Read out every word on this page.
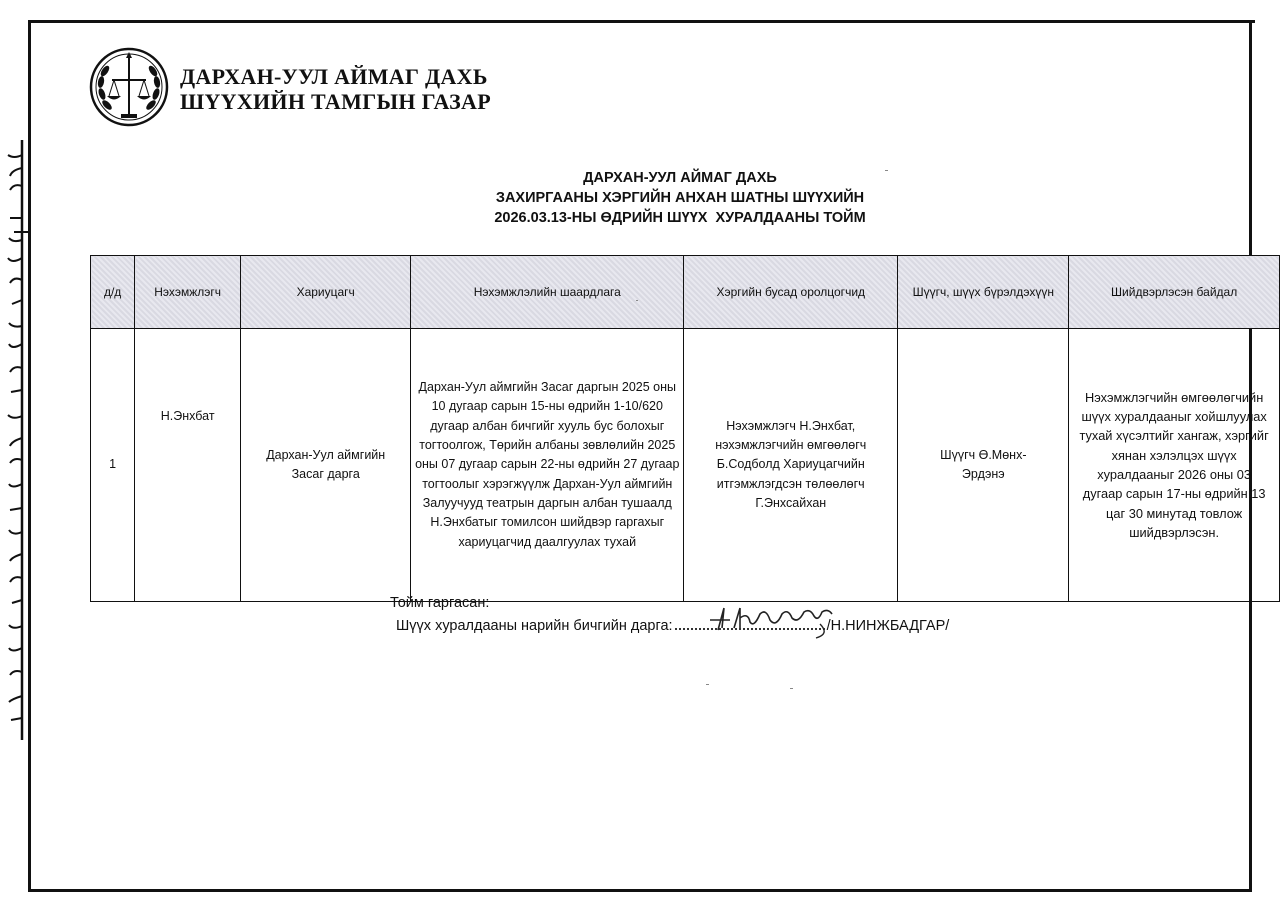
ДАРХАН-УУЛ АЙМАГ ДАХЬ
ШҮҮХИЙН ТАМГЫН ГАЗАР
ДАРХАН-УУЛ АЙМАГ ДАХЬ
ЗАХИРГААНЫ ХЭРГИЙН АНХАН ШАТНЫ ШҮҮХИЙН
2026.03.13-НЫ ӨДРИЙН ШҮҮХ  ХУРАЛДААНЫ ТОЙМ
д/д	Нэхэмжлэгч	Хариуцагч	Нэхэмжлэлийн шаардлага	Хэргийн бусад оролцогчид	Шүүгч, шүүх бүрэлдэхүүн	Шийдвэрлэсэн байдал
1	Н.Энхбат	Дархан-Уул аймгийн Засаг дарга	Дархан-Уул аймгийн Засаг даргын 2025 оны 10 дугаар сарын 15-ны өдрийн 1-10/620 дугаар албан бичгийг хууль бус болохыг тогтоолгож, Төрийн албаны зөвлөлийн 2025 оны 07 дугаар сарын 22-ны өдрийн 27 дугаар тогтоолыг хэрэгжүүлж Дархан-Уул аймгийн Залуучууд театрын даргын албан тушаалд Н.Энхбатыг томилсон шийдвэр гаргахыг хариуцагчид даалгуулах тухай	Нэхэмжлэгч Н.Энхбат, нэхэмжлэгчийн өмгөөлөгч Б.Содболд Хариуцагчийн итгэмжлэгдсэн төлөөлөгч Г.Энхсайхан	Шүүгч Ө.Мөнх-Эрдэнэ	Нэхэмжлэгчийн өмгөөлөгчийн шүүх хуралдааныг хойшлуулах тухай хүсэлтийг хангаж, хэргийг хянан хэлэлцэх шүүх хуралдааныг 2026 оны 03 дугаар сарын 17-ны өдрийн 13 цаг 30 минутад товлож шийдвэрлэсэн.
Тойм гаргасан:
Шүүх хуралдааны нарийн бичгийн дарга:	/Н.НИНЖБАДГАР/
